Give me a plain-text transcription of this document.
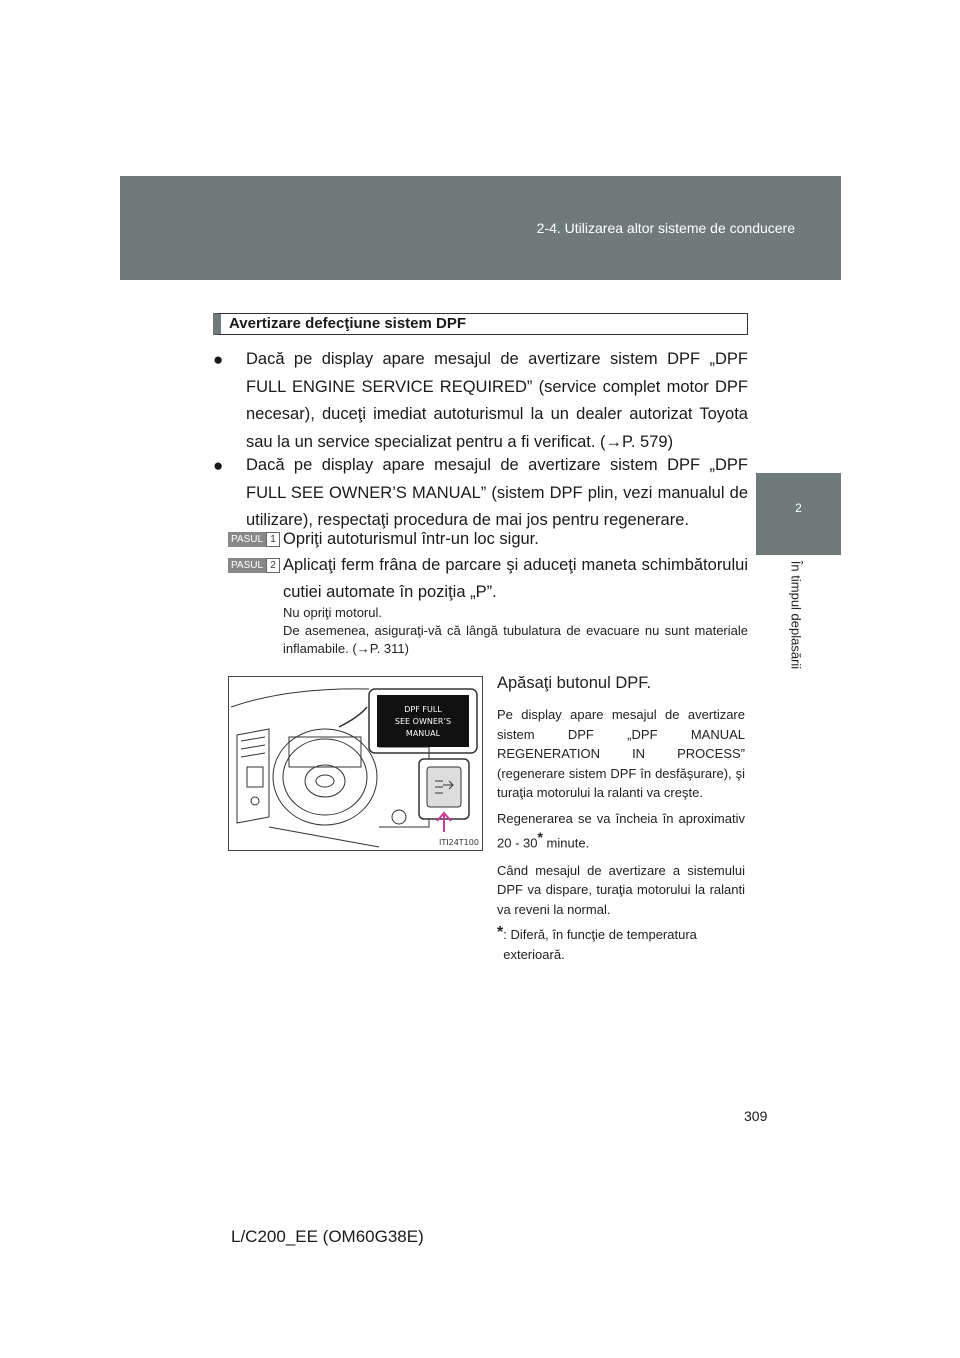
2-4. Utilizarea altor sisteme de conducere
2
În timpul deplasării
Avertizare defecţiune sistem DPF
● Dacă pe display apare mesajul de avertizare sistem DPF „DPF FULL ENGINE SERVICE REQUIRED” (service complet motor DPF necesar), duceţi imediat autoturismul la un dealer autorizat Toyota sau la un service specializat pentru a fi verificat. (→P. 579)
● Dacă pe display apare mesajul de avertizare sistem DPF „DPF FULL SEE OWNER’S MANUAL” (sistem DPF plin, vezi manualul de utilizare), respectaţi procedura de mai jos pentru regenerare.
PASUL 1 Opriţi autoturismul într-un loc sigur.
PASUL 2 Aplicaţi ferm frâna de parcare şi aduceţi maneta schimbătorului cutiei automate în poziţia „P”.
Nu opriţi motorul.
De asemenea, asiguraţi-vă că lângă tubulatura de evacuare nu sunt materiale inflamabile. (→P. 311)
DPF FULL
SEE OWNER’S
MANUAL
ITI24T100
Apăsaţi butonul DPF.
Pe display apare mesajul de avertizare sistem DPF „DPF MANUAL REGENERATION IN PROCESS” (regenerare sistem DPF în desfăşurare), şi turaţia motorului la ralanti va creşte.
Regenerarea se va încheia în aproximativ 20 - 30* minute.
Când mesajul de avertizare a sistemului DPF va dispare, turaţia motorului la ralanti va reveni la normal.
* : Diferă, în funcţie de temperatura exterioară.
309
L/C200_EE (OM60G38E)
